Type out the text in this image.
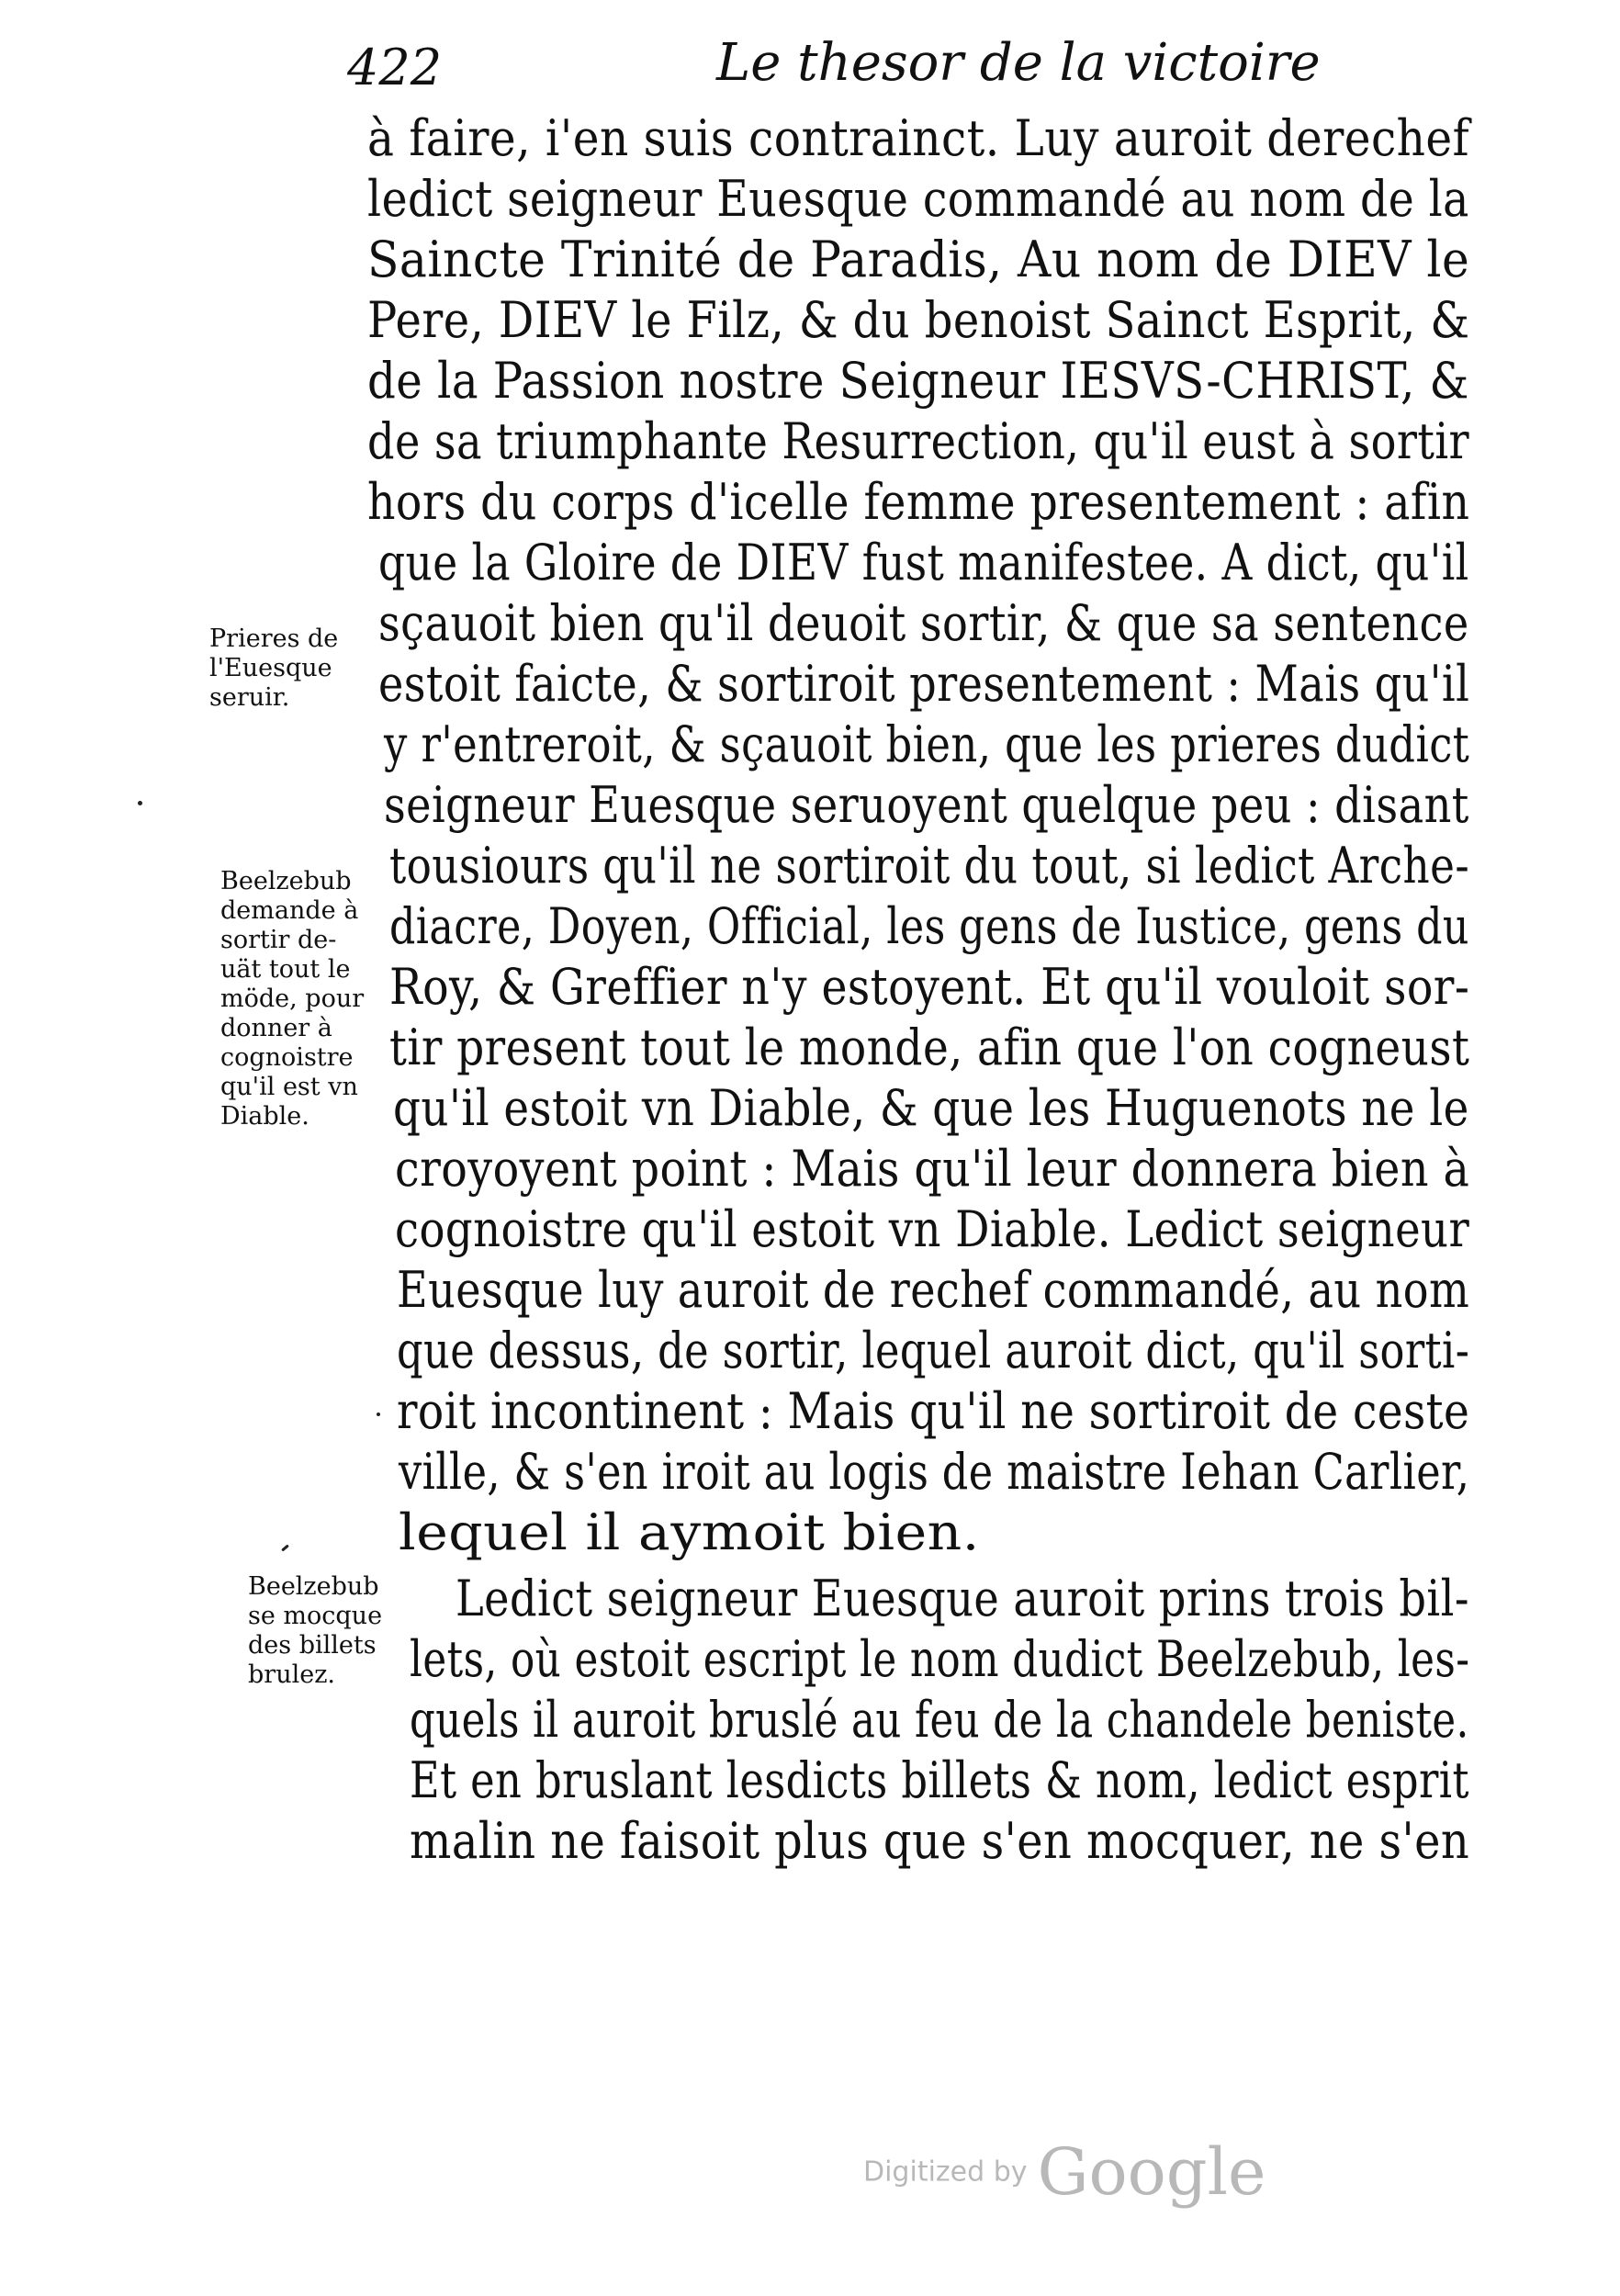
422	Le thesor de la victoire
à faire, i'en suis contrainct. Luy auroit derechef
ledict seigneur Euesque commandé au nom de la
Saincte Trinité de Paradis, Au nom de DIEV le
Pere, DIEV le Filz, & du benoist Sainct Esprit, &
de la Passion nostre Seigneur IESVS-CHRIST, &
de sa triumphante Resurrection, qu'il eust à sortir
hors du corps d'icelle femme presentement : afin
que la Gloire de DIEV fust manifestee. A dict, qu'il
sçauoit bien qu'il deuoit sortir, & que sa sentence
estoit faicte, & sortiroit presentement : Mais qu'il
y r'entreroit, & sçauoit bien, que les prieres dudict
seigneur Euesque seruoyent quelque peu : disant
tousiours qu'il ne sortiroit du tout, si ledict Arche-
diacre, Doyen, Official, les gens de Iustice, gens du
Roy, & Greffier n'y estoyent. Et qu'il vouloit sor-
tir present tout le monde, afin que l'on cogneust
qu'il estoit vn Diable, & que les Huguenots ne le
croyoyent point : Mais qu'il leur donnera bien à
cognoistre qu'il estoit vn Diable. Ledict seigneur
Euesque luy auroit de rechef commandé, au nom
que dessus, de sortir, lequel auroit dict, qu'il sorti-
roit incontinent : Mais qu'il ne sortiroit de ceste
ville, & s'en iroit au logis de maistre Iehan Carlier,
lequel il aymoit bien.
Ledict seigneur Euesque auroit prins trois bil-
lets, où estoit escript le nom dudict Beelzebub, les-
quels il auroit bruslé au feu de la chandele beniste.
Et en bruslant lesdicts billets & nom, ledict esprit
malin ne faisoit plus que s'en mocquer, ne s'en
Prieres de
l'Euesque
seruir.
Beelzebub
demande à
sortir de-
uät tout le
möde, pour
donner à
cognoistre
qu'il est vn
Diable.
Beelzebub
se mocque
des billets
brulez.
Digitized by Google
